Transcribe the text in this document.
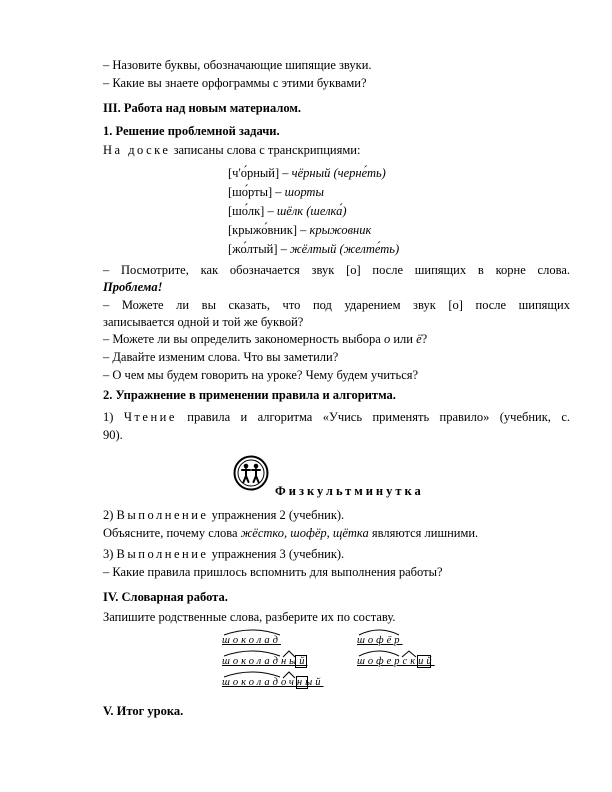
– Назовите буквы, обозначающие шипящие звуки.
– Какие вы знаете орфограммы с этими буквами?
III. Работа над новым материалом.
1. Решение проблемной задачи.
На доске записаны слова с транскрипциями:
[ч'о́рный] – чёрный (черне́ть)
[шо́рты] – шорты
[шо́лк] – шёлк (шелка́)
[крыжо́вник] – крыжовник
[жо́лтый] – жёлтый (желте́ть)
– Посмотрите, как обозначается звук [о] после шипящих в корне слова.
Проблема!
– Можете ли вы сказать, что под ударением звук [о] после шипящих
записывается одной и той же буквой?
– Можете ли вы определить закономерность выбора о или ё?
– Давайте изменим слова. Что вы заметили?
– О чем мы будем говорить на уроке? Чему будем учиться?
2. Упражнение в применении правила и алгоритма.
1) Чтение правила и алгоритма «Учись применять правило» (учебник, с.
90).
Физкультминутка
2) Выполнение упражнения 2 (учебник).
Объясните, почему слова жёстко, шофёр, щётка являются лишними.
3) Выполнение упражнения 3 (учебник).
– Какие правила пришлось вспомнить для выполнения работы?
IV. Словарная работа.
Запишите родственные слова, разберите их по составу.
шоколад
шоколадный
шоколадочный
шофёр
шоферский
V. Итог урока.
